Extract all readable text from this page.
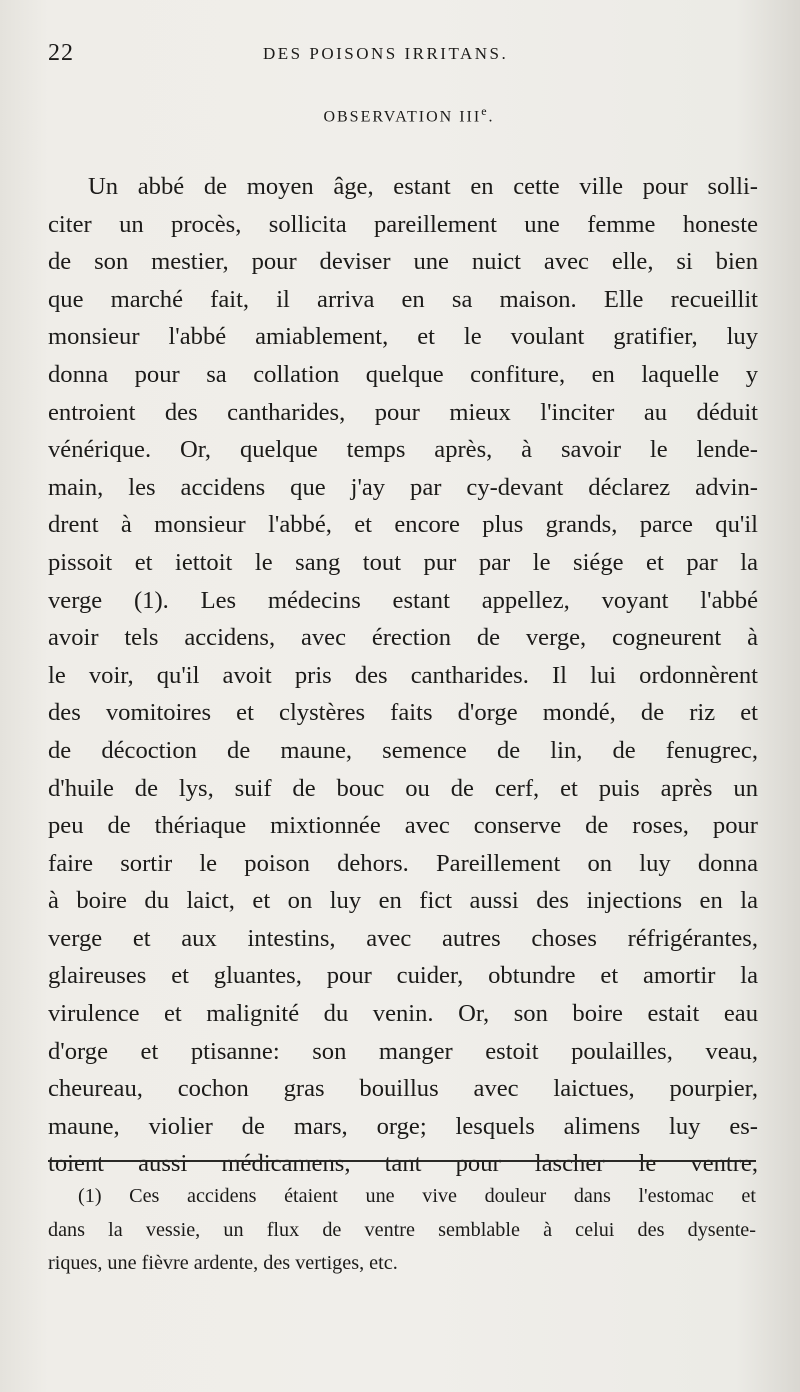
22	DES POISONS IRRITANS.
OBSERVATION IIIe.
Un abbé de moyen âge, estant en cette ville pour solli-
citer un procès, sollicita pareillement une femme honeste
de son mestier, pour deviser une nuict avec elle, si bien
que marché fait, il arriva en sa maison. Elle recueillit
monsieur l'abbé amiablement, et le voulant gratifier, luy
donna pour sa collation quelque confiture, en laquelle y
entroient des cantharides, pour mieux l'inciter au déduit
vénérique. Or, quelque temps après, à savoir le lende-
main, les accidens que j'ay par cy-devant déclarez advin-
drent à monsieur l'abbé, et encore plus grands, parce qu'il
pissoit et iettoit le sang tout pur par le siége et par la
verge (1). Les médecins estant appellez, voyant l'abbé
avoir tels accidens, avec érection de verge, cogneurent à
le voir, qu'il avoit pris des cantharides. Il lui ordonnèrent
des vomitoires et clystères faits d'orge mondé, de riz et
de décoction de maune, semence de lin, de fenugrec,
d'huile de lys, suif de bouc ou de cerf, et puis après un
peu de thériaque mixtionnée avec conserve de roses, pour
faire sortir le poison dehors. Pareillement on luy donna
à boire du laict, et on luy en fict aussi des injections en la
verge et aux intestins, avec autres choses réfrigérantes,
glaireuses et gluantes, pour cuider, obtundre et amortir la
virulence et malignité du venin. Or, son boire estait eau
d'orge et ptisanne: son manger estoit poulailles, veau,
cheureau, cochon gras bouillus avec laictues, pourpier,
maune, violier de mars, orge; lesquels alimens luy es-
toient aussi médicamens, tant pour lascher le ventre,
(1) Ces accidens étaient une vive douleur dans l'estomac et
dans la vessie, un flux de ventre semblable à celui des dysente-
riques, une fièvre ardente, des vertiges, etc.
